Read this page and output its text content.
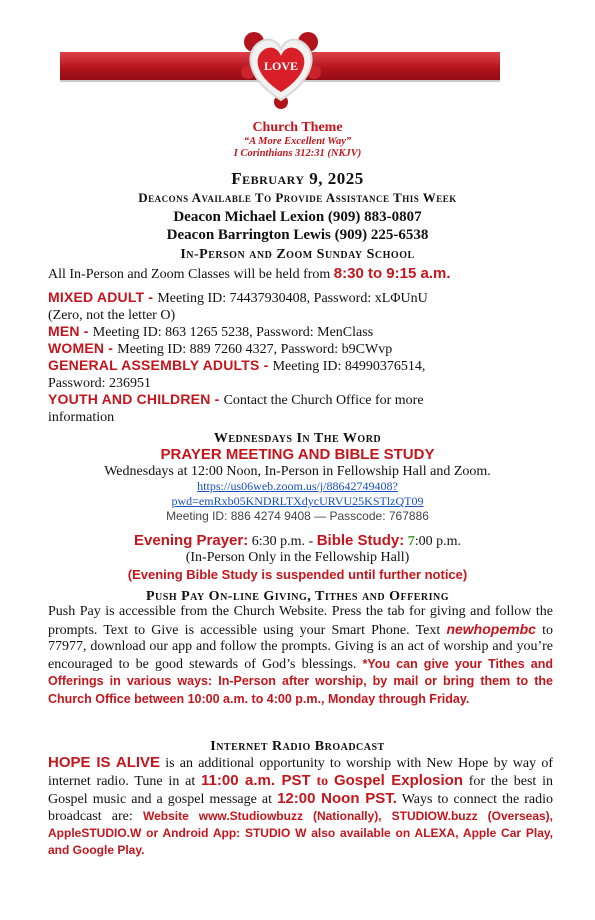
LOVE
Church Theme
“A More Excellent Way”
I Corinthians 312:31 (NKJV)
February 9, 2025
Deacons Available To Provide Assistance This Week
Deacon Michael Lexion (909) 883-0807
Deacon Barrington Lewis (909) 225-6538
In-Person and Zoom Sunday School
All In-Person and Zoom Classes will be held from 8:30 to 9:15 a.m.
MIXED ADULT - Meeting ID: 74437930408, Password: xLΦUnU
(Zero, not the letter O)
MEN - Meeting ID: 863 1265 5238, Password: MenClass
WOMEN - Meeting ID: 889 7260 4327, Password: b9CWvp
GENERAL ASSEMBLY ADULTS - Meeting ID: 84990376514,
Password: 236951
YOUTH AND CHILDREN - Contact the Church Office for more
information
Wednesdays In The Word
PRAYER MEETING AND BIBLE STUDY
Wednesdays at 12:00 Noon, In-Person in Fellowship Hall and Zoom.
https://us06web.zoom.us/j/88642749408?
pwd=emRxb05KNDRLTXdycURVU25KSTlzQT09
Meeting ID: 886 4274 9408 — Passcode: 767886
Evening Prayer: 6:30 p.m. - Bible Study: 7:00 p.m.
(In-Person Only in the Fellowship Hall)
(Evening Bible Study is suspended until further notice)
Push Pay On-line Giving, Tithes and Offering
Push Pay is accessible from the Church Website. Press the tab for giving and follow the prompts. Text to Give is accessible using your Smart Phone. Text newhopembc to 77977, download our app and follow the prompts. Giving is an act of worship and you’re encouraged to be good stewards of God’s blessings. *You can give your Tithes and Offerings in various ways: In-Person after worship, by mail or bring them to the Church Office between 10:00 a.m. to 4:00 p.m., Monday through Friday.
Internet Radio Broadcast
HOPE IS ALIVE is an additional opportunity to worship with New Hope by way of internet radio. Tune in at 11:00 a.m. PST to Gospel Explosion for the best in Gospel music and a gospel message at 12:00 Noon PST. Ways to connect the radio broadcast are: Website www.Studiowbuzz (Nationally), STUDIOW.buzz (Overseas), AppleSTUDIO.W or Android App: STUDIO W also available on ALEXA, Apple Car Play, and Google Play.
